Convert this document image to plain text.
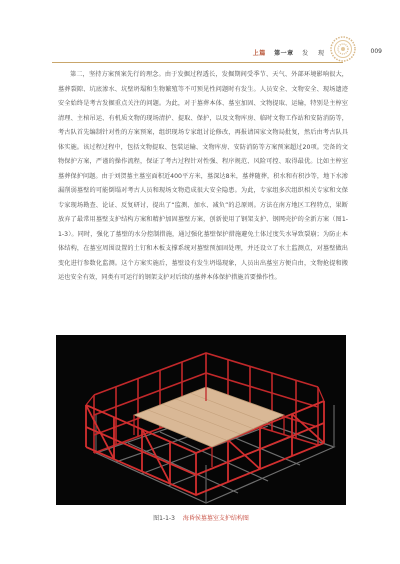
上篇 第一章 发 现	009
第二，坚持方案预案先行的理念。由于发掘过程透长，发掘期间受季节、天气、外部环境影响很大，墓葬裂隙、坑底渗水、坑壁坍塌和生物繁殖等不可预见性问题时有发生。人员安全、文物安全、现场遗迹安全始终是考古发掘重点关注的问题。为此，对于墓葬本体、墓室加固、文物提取、运输，特别是主椁室清理、主棺吊运、有机质文物的现场清护、提取、保护，以及文物库房、临时文物工作站和安防消防等，考古队首先编制针对性的方案预案，组织现场专家组讨论修改，再报请国家文物局批复，然后由考古队具体实施。该过程过程中，包括文物提取、包装运输、文物库房、安防消防等方案预案超过20项。完备的文物保护方案，严谨的操作流程，保证了考古过程针对性强、程序规范、风险可控、取得最优。比如主椁室墓葬保护问题。由于刘贺墓主墓室面积近400平方米，墓深达8米，墓葬随葬，积水和有积沙等，地下水渗漏削弱墓壁的可能倒塌对考古人员和现场文物造成很大安全隐患。为此，专家组多次组织相关专家和文保专家现场勘查、论证、反复研讨，提出了“监测、加水、减负”的总原则。方法在南方地区工程特点，果断放弃了最常用墓壁支护结构方案和精护加固墓壁方案，创新使用了钢架支护、钢网壳护的全新方案（图1-1-3）。同时，强化了墓壁的水分控制措施，通过强化墓壁保护措施避免土体过度失水导致裂崩；为防止本体结构，在墓室周围设置的土钉和木板支撑系统对墓壁预加固处理，并还设立了水土监测点，对墓壁做出变化进行参数化监测。这个方案实施后，墓壁设有发生坍塌现象，人员出出墓室方便自由，文物抢提和搬运也安全有效，同类有可运行的钢架支护对后续的墓葬本体保护措施首要操作性。
图1-1-3 海昏侯墓墓室支护结构图
